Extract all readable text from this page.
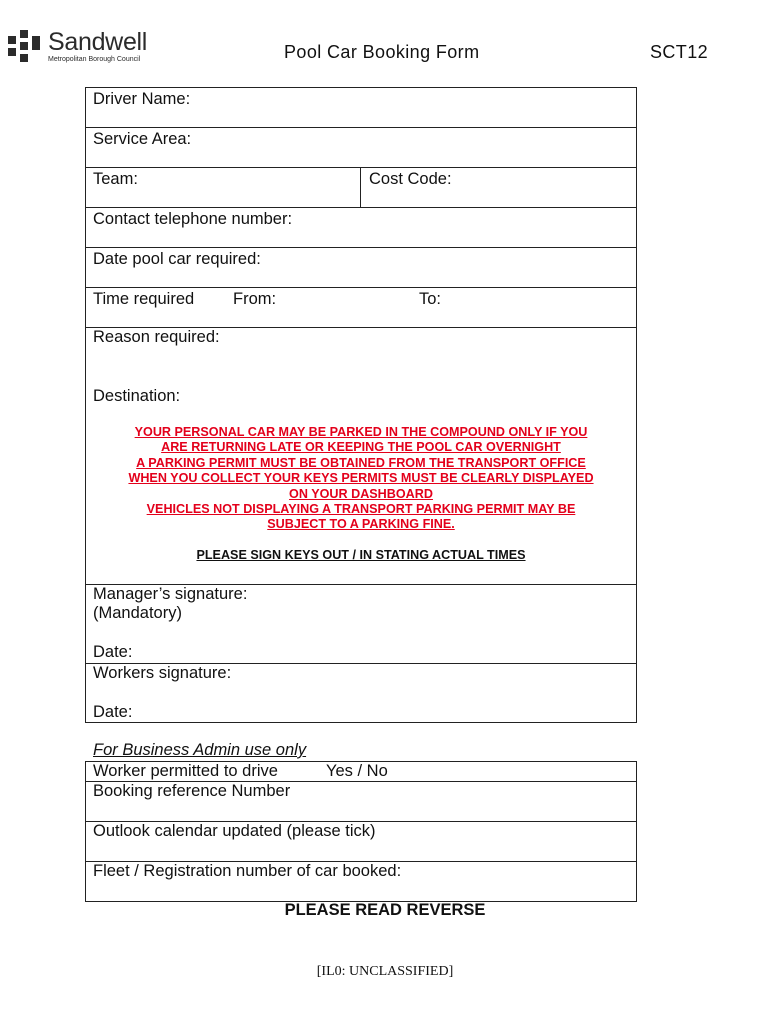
Sandwell
Metropolitan Borough Council	Pool Car Booking Form	SCT12
Driver Name:
Service Area:
Team:	Cost Code:
Contact telephone number:
Date pool car required:
Time required From:	To:
Reason required:
Destination:
YOUR PERSONAL CAR MAY BE PARKED IN THE COMPOUND ONLY IF YOU
ARE RETURNING LATE OR KEEPING THE POOL CAR OVERNIGHT
A PARKING PERMIT MUST BE OBTAINED FROM THE TRANSPORT OFFICE
WHEN YOU COLLECT YOUR KEYS PERMITS MUST BE CLEARLY DISPLAYED
ON YOUR DASHBOARD
VEHICLES NOT DISPLAYING A TRANSPORT PARKING PERMIT MAY BE
SUBJECT TO A PARKING FINE.
PLEASE SIGN KEYS OUT / IN STATING ACTUAL TIMES
Manager’s signature:
(Mandatory)
Date:
Workers signature:
Date:
For Business Admin use only
Worker permitted to drive	Yes / No
Booking reference Number
Outlook calendar updated (please tick)
Fleet / Registration number of car booked:
PLEASE READ REVERSE
[IL0: UNCLASSIFIED]
